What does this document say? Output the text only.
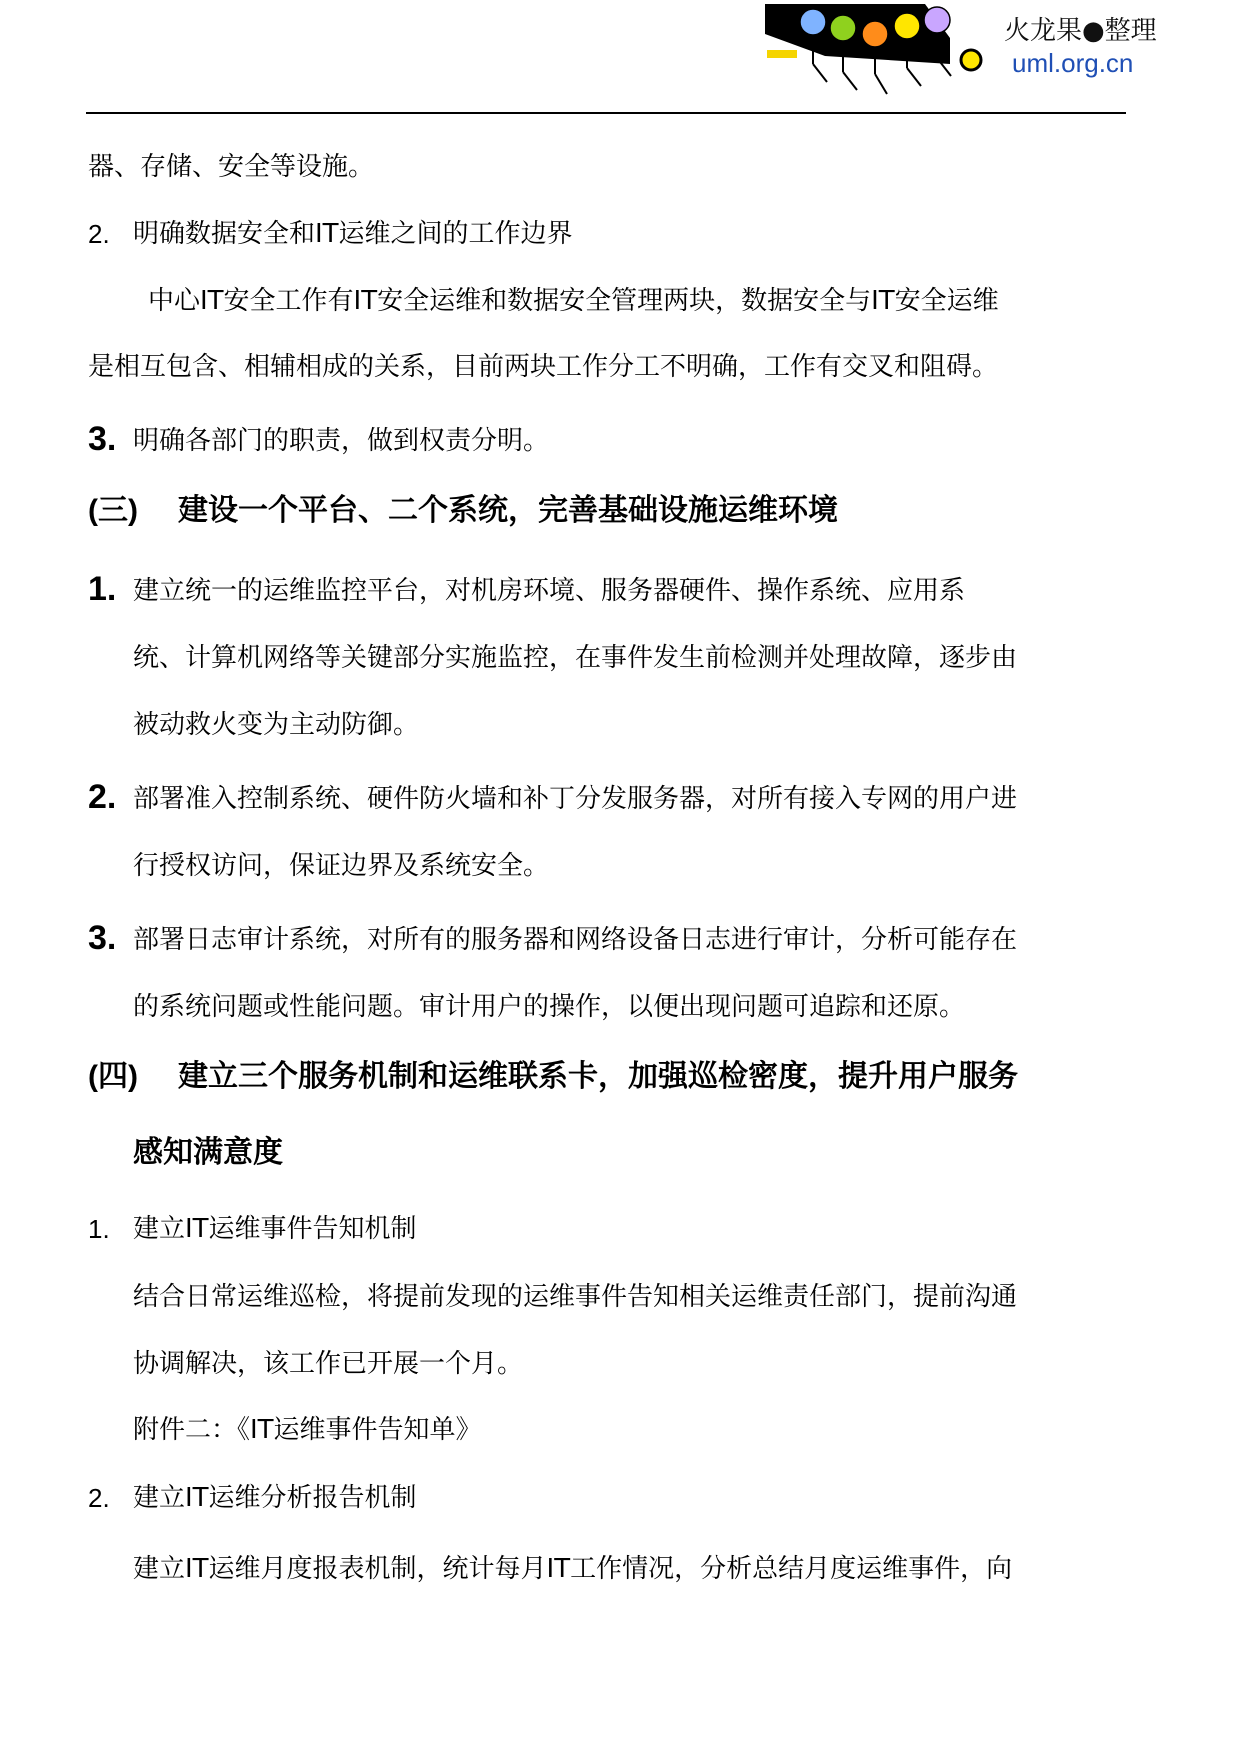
火龙果●整理
uml.org.cn
器、存储、安全等设施。
2. 明确数据安全和IT运维之间的工作边界
中心IT安全工作有IT安全运维和数据安全管理两块，数据安全与IT安全运维
是相互包含、相辅相成的关系，目前两块工作分工不明确，工作有交叉和阻碍。
3. 明确各部门的职责，做到权责分明。
(三) 建设一个平台、二个系统，完善基础设施运维环境
1. 建立统一的运维监控平台，对机房环境、服务器硬件、操作系统、应用系
统、计算机网络等关键部分实施监控，在事件发生前检测并处理故障，逐步由
被动救火变为主动防御。
2. 部署准入控制系统、硬件防火墙和补丁分发服务器，对所有接入专网的用户进
行授权访问，保证边界及系统安全。
3. 部署日志审计系统，对所有的服务器和网络设备日志进行审计，分析可能存在
的系统问题或性能问题。审计用户的操作，以便出现问题可追踪和还原。
(四) 建立三个服务机制和运维联系卡，加强巡检密度，提升用户服务
感知满意度
1. 建立IT运维事件告知机制
结合日常运维巡检，将提前发现的运维事件告知相关运维责任部门，提前沟通
协调解决，该工作已开展一个月。
附件二：《IT运维事件告知单》
2. 建立IT运维分析报告机制
建立IT运维月度报表机制，统计每月IT工作情况，分析总结月度运维事件，向
